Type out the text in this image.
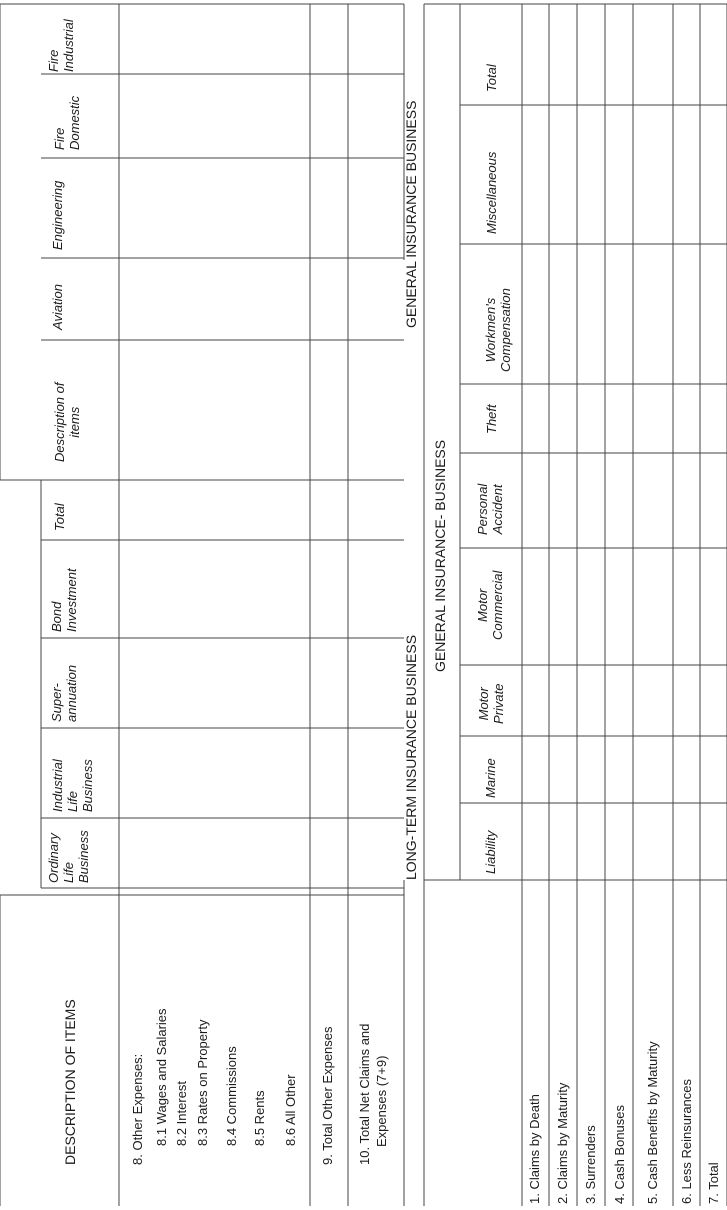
LONG-TERM INSURANCE BUSINESS
DESCRIPTION OF ITEMS
Ordinary
Life
Business
Industrial
Life
Business
Super-
annuation
Bond
Investment
Total
8. Other Expenses: 8.1 Wages and Salaries 8.2 Interest 8.3 Rates on Property 8.4 Commissions 8.5 Rents 8.6 All Other 9. Total Other Expenses 10. Total Net Claims and Expenses (7+9)
GENERAL INSURANCE BUSINESS
Description of
items
Aviation
Engineering
Fire
Domestic
Fire
Industrial
GENERAL INSURANCE- BUSINESS
Liability
Marine
Motor
Private
Motor
Commercial
Personal
Accident
Theft
Workmen's
Compensation
Miscellaneous
Total
1. Claims by Death 2. Claims by Maturity 3. Surrenders 4. Cash Bonuses 5. Cash Benefits by Maturity 6. Less Reinsurances 7. Total
